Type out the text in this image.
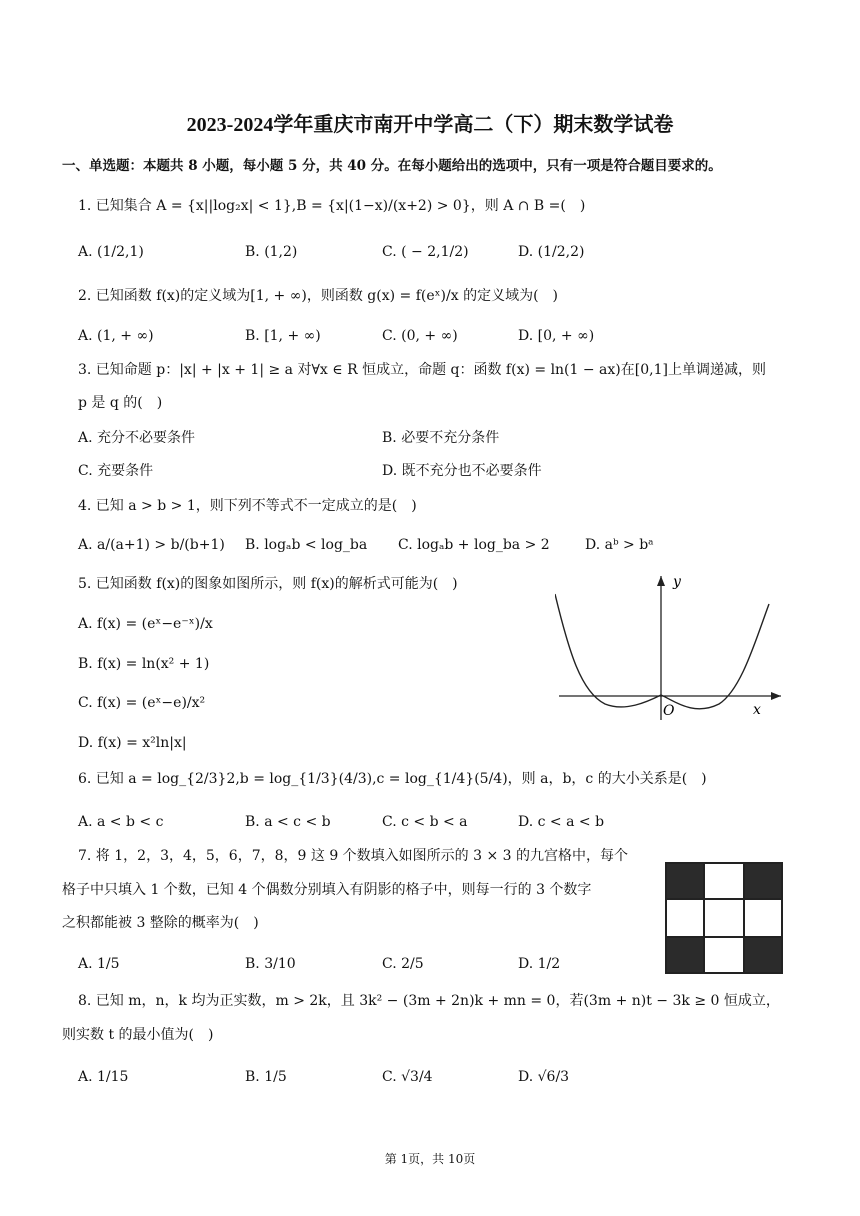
2023-2024学年重庆市南开中学高二（下）期末数学试卷
一、单选题：本题共 8 小题，每小题 5 分，共 40 分。在每小题给出的选项中，只有一项是符合题目要求的。
1. 已知集合 A = {x||log₂x| < 1},B = {x|(1−x)/(x+2) > 0}，则 A ∩ B =(　)
A. (1/2,1)	B. (1,2)	C. ( − 2,1/2)	D. (1/2,2)
2. 已知函数 f(x)的定义域为[1, + ∞)，则函数 g(x) = f(eˣ)/x 的定义域为(　)
A. (1, + ∞)	B. [1, + ∞)	C. (0, + ∞)	D. [0, + ∞)
3. 已知命题 p：|x| + |x + 1| ≥ a 对∀x ∈ R 恒成立，命题 q：函数 f(x) = ln(1 − ax)在[0,1]上单调递减，则
p 是 q 的(　)
A. 充分不必要条件	B. 必要不充分条件
C. 充要条件	D. 既不充分也不必要条件
4. 已知 a > b > 1，则下列不等式不一定成立的是(　)
A. a/(a+1) > b/(b+1) B. logₐb < log_ba C. logₐb + log_ba > 2	D. aᵇ > bᵃ
5. 已知函数 f(x)的图象如图所示，则 f(x)的解析式可能为(　)
A. f(x) = (eˣ−e⁻ˣ)/x
B. f(x) = ln(x² + 1)
C. f(x) = (eˣ−e)/x²
D. f(x) = x²ln|x|
y
x
O
6. 已知 a = log_{2/3}2,b = log_{1/3}(4/3),c = log_{1/4}(5/4)，则 a，b，c 的大小关系是(　)
A. a < b < c	B. a < c < b	C. c < b < a	D. c < a < b
7. 将 1，2，3，4，5，6，7，8，9 这 9 个数填入如图所示的 3 × 3 的九宫格中，每个
格子中只填入 1 个数，已知 4 个偶数分别填入有阴影的格子中，则每一行的 3 个数字
之积都能被 3 整除的概率为(　)
A. 1/5	B. 3/10	C. 2/5	D. 1/2
8. 已知 m，n，k 均为正实数，m > 2k，且 3k² − (3m + 2n)k + mn = 0，若(3m + n)t − 3k ≥ 0 恒成立，
则实数 t 的最小值为(　)
A. 1/15	B. 1/5	C. √3/4	D. √6/3
第 1页，共 10页
